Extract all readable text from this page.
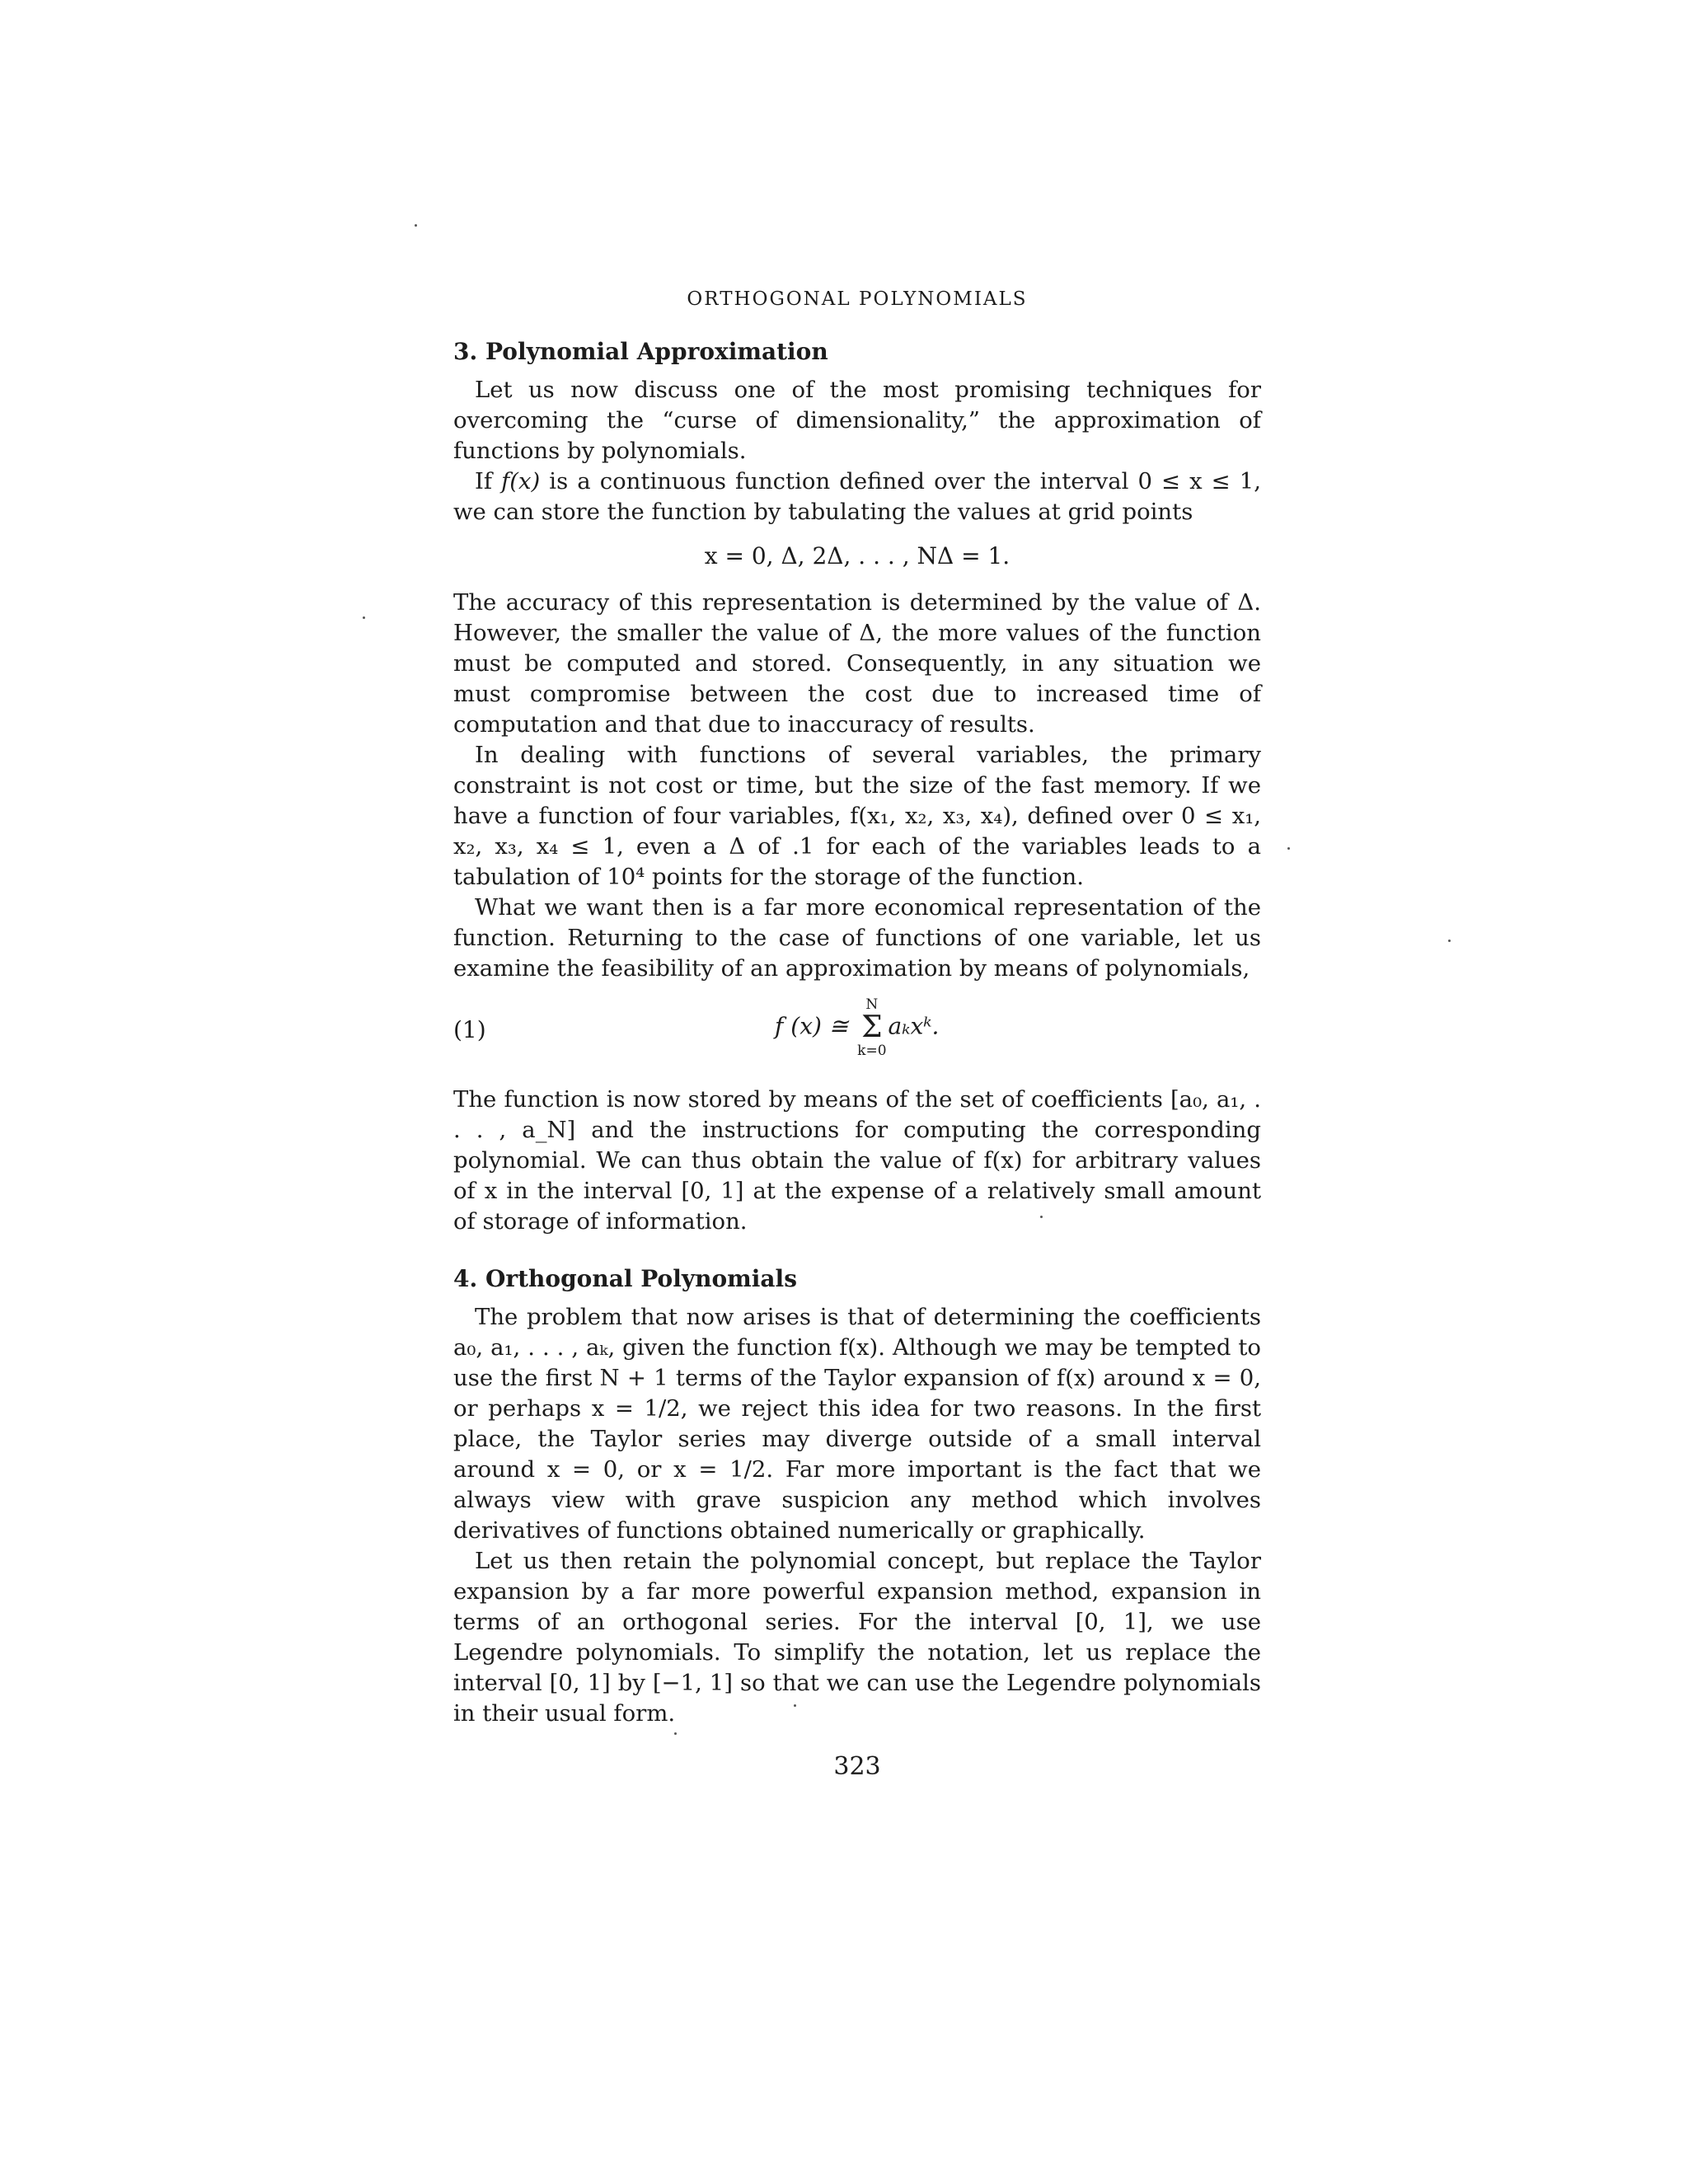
ORTHOGONAL POLYNOMIALS
3. Polynomial Approximation

Let us now discuss one of the most promising techniques for overcoming the “curse of dimensionality,” the approximation of functions by polynomials.

If f(x) is a continuous function defined over the interval 0 ≤ x ≤ 1, we can store the function by tabulating the values at grid points

x = 0, Δ, 2Δ, . . . , NΔ = 1.

The accuracy of this representation is determined by the value of Δ. However, the smaller the value of Δ, the more values of the function must be computed and stored. Consequently, in any situation we must compromise between the cost due to increased time of computation and that due to inaccuracy of results.

In dealing with functions of several variables, the primary constraint is not cost or time, but the size of the fast memory. If we have a function of four variables, f(x₁, x₂, x₃, x₄), defined over 0 ≤ x₁, x₂, x₃, x₄ ≤ 1, even a Δ of .1 for each of the variables leads to a tabulation of 10⁴ points for the storage of the function.

What we want then is a far more economical representation of the function. Returning to the case of functions of one variable, let us examine the feasibility of an approximation by means of polynomials,

(1)	f (x) ≅
N
Σ
k=0
aₖxᵏ.

The function is now stored by means of the set of coefficients [a₀, a₁, . . . , a_N] and the instructions for computing the corresponding polynomial. We can thus obtain the value of f(x) for arbitrary values of x in the interval [0, 1] at the expense of a relatively small amount of storage of information.

4. Orthogonal Polynomials

The problem that now arises is that of determining the coefficients a₀, a₁, . . . , aₖ, given the function f(x). Although we may be tempted to use the first N + 1 terms of the Taylor expansion of f(x) around x = 0, or perhaps x = 1/2, we reject this idea for two reasons. In the first place, the Taylor series may diverge outside of a small interval around x = 0, or x = 1/2. Far more important is the fact that we always view with grave suspicion any method which involves derivatives of functions obtained numerically or graphically.

Let us then retain the polynomial concept, but replace the Taylor expansion by a far more powerful expansion method, expansion in terms of an orthogonal series. For the interval [0, 1], we use Legendre polynomials. To simplify the notation, let us replace the interval [0, 1] by [−1, 1] so that we can use the Legendre polynomials in their usual form.

323
